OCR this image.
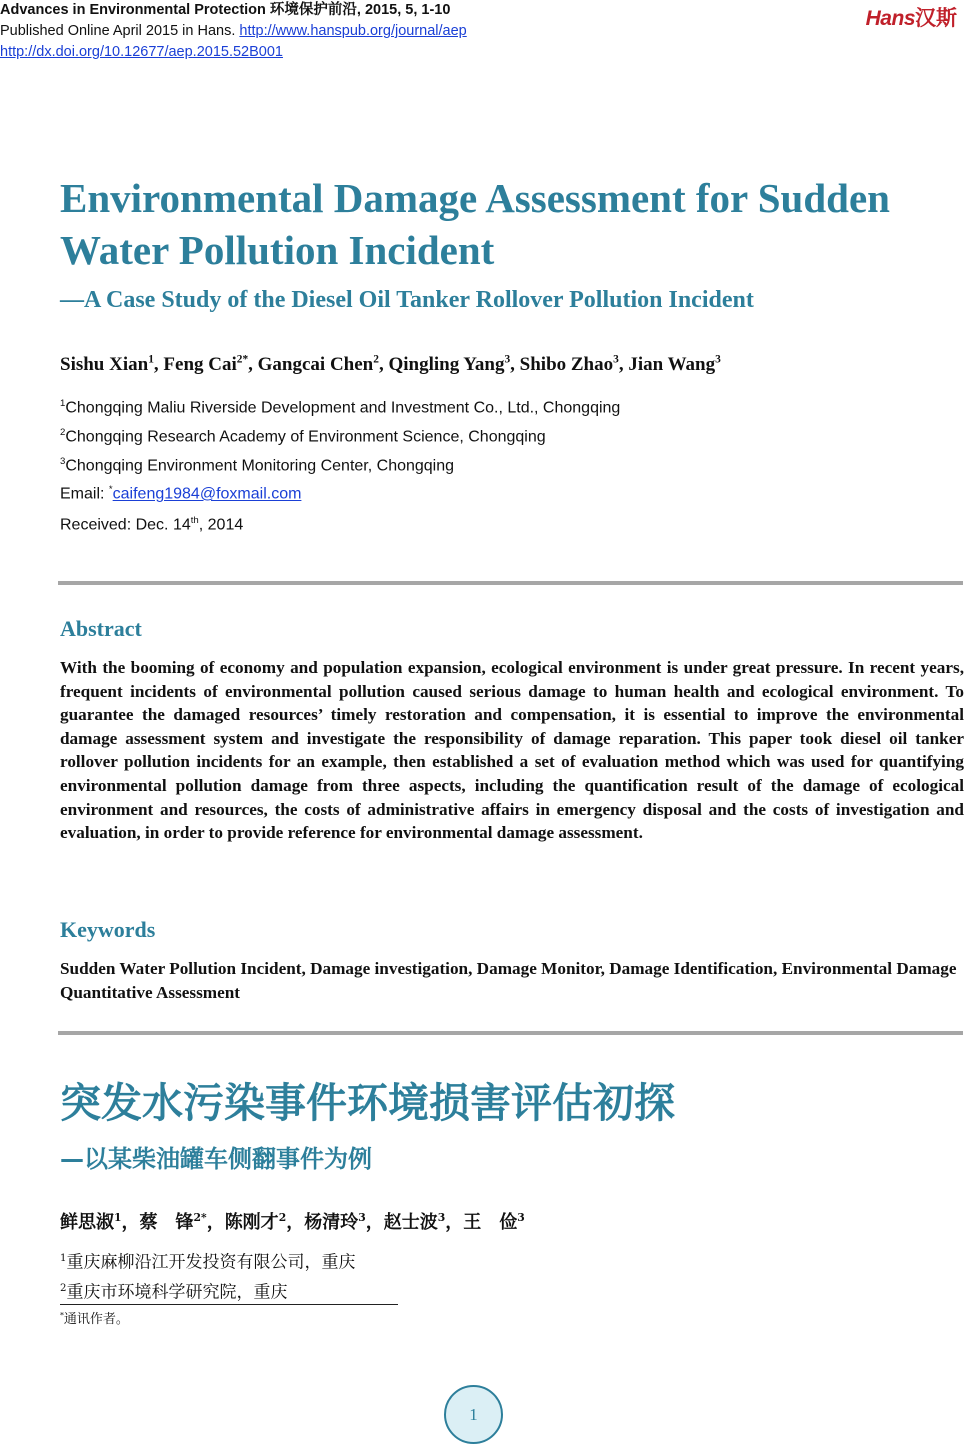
Advances in Environmental Protection 环境保护前沿, 2015, 5, 1-10

Published Online April 2015 in Hans. http://www.hanspub.org/journal/aep

http://dx.doi.org/10.12677/aep.2015.52B001

Hans汉斯
Environmental Damage Assessment for Sudden Water Pollution Incident
—A Case Study of the Diesel Oil Tanker Rollover Pollution Incident

Sishu Xian$^1$, Feng Cai$^{2*}$, Gangcai Chen$^2$, Qingling Yang$^3$, Shibo Zhao$^3$, Jian Wang$^3$

$^1$Chongqing Maliu Riverside Development and Investment Co., Ltd., Chongqing
$^2$Chongqing Research Academy of Environment Science, Chongqing
$^3$Chongqing Environment Monitoring Center, Chongqing
Email: *caifeng1984@foxmail.com
Received: Dec. 14th, 2014
Abstract

With the booming of economy and population expansion, ecological environment is under great pressure. In recent years, frequent incidents of environmental pollution caused serious damage to human health and ecological environment. To guarantee the damaged resources’ timely restoration and compensation, it is essential to improve the environmental damage assessment system and investigate the responsibility of damage reparation. This paper took diesel oil tanker rollover pollution incidents for an example, then established a set of evaluation method which was used for quantifying environmental pollution damage from three aspects, including the quantification result of the damage of ecological environment and resources, the costs of administrative affairs in emergency disposal and the costs of investigation and evaluation, in order to provide reference for environmental damage assessment.

Keywords

Sudden Water Pollution Incident, Damage investigation, Damage Monitor, Damage Identification, Environmental Damage Quantitative Assessment

突发水污染事件环境损害评估初探
—以某柴油罐车侧翻事件为例

鲜思淑$^1$，蔡　锋$^{2*}$，陈刚才$^2$，杨清玲$^3$，赵士波$^3$，王　俭$^3$

$^1$重庆麻柳沿江开发投资有限公司，重庆
$^2$重庆市环境科学研究院，重庆
*通讯作者。
1
